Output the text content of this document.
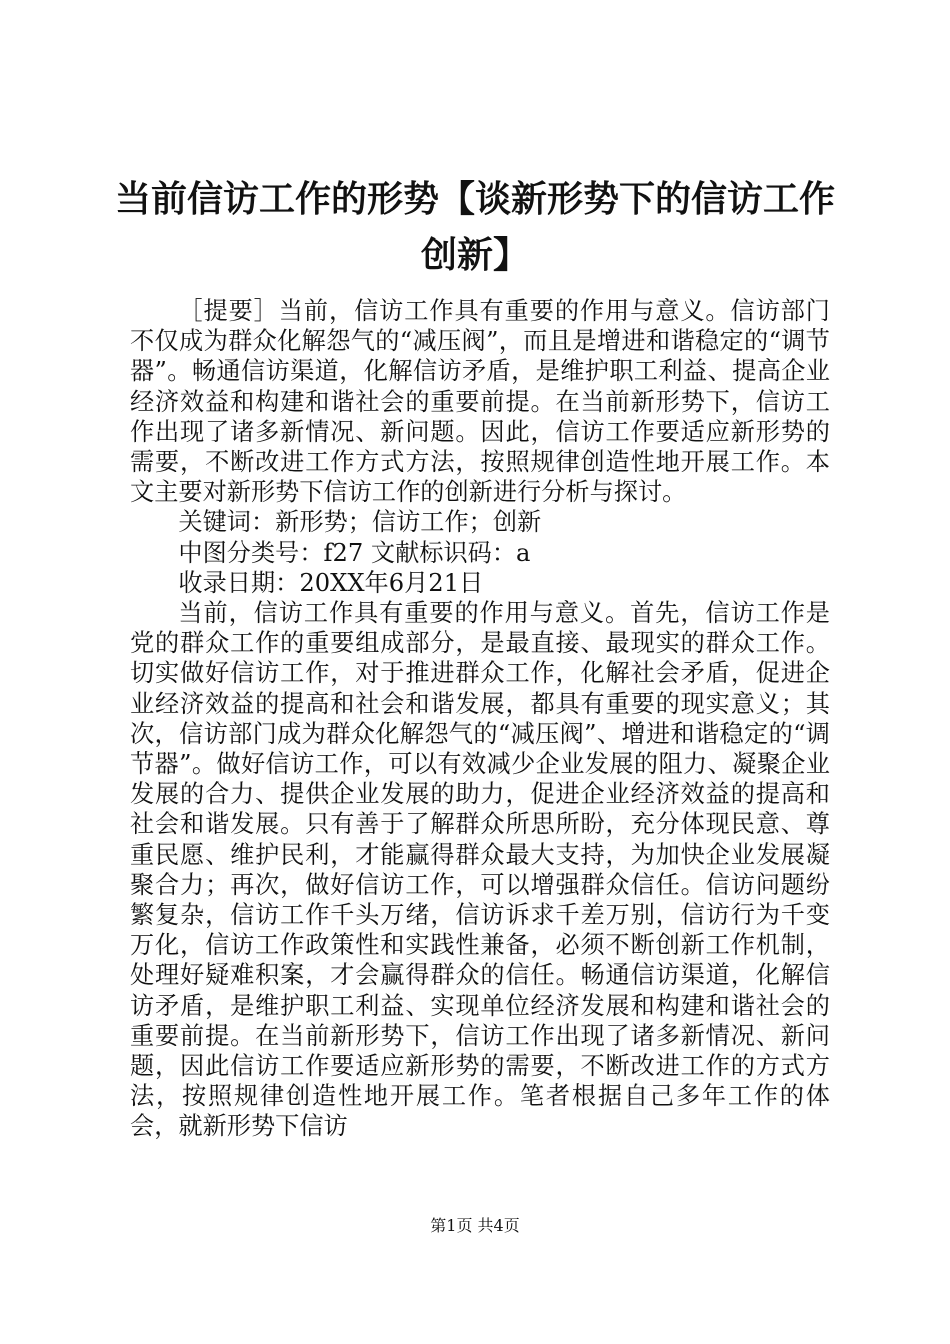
当前信访工作的形势【谈新形势下的信访工作创新】

［提要］当前，信访工作具有重要的作用与意义。信访部门不仅成为群众化解怨气的“减压阀”，而且是增进和谐稳定的“调节器”。畅通信访渠道，化解信访矛盾，是维护职工利益、提高企业经济效益和构建和谐社会的重要前提。在当前新形势下，信访工作出现了诸多新情况、新问题。因此，信访工作要适应新形势的需要，不断改进工作方式方法，按照规律创造性地开展工作。本文主要对新形势下信访工作的创新进行分析与探讨。

关键词：新形势；信访工作；创新

中图分类号：f27 文献标识码：a

收录日期：20XX年6月21日

当前，信访工作具有重要的作用与意义。首先，信访工作是党的群众工作的重要组成部分，是最直接、最现实的群众工作。切实做好信访工作，对于推进群众工作，化解社会矛盾，促进企业经济效益的提高和社会和谐发展，都具有重要的现实意义；其次，信访部门成为群众化解怨气的“减压阀”、增进和谐稳定的“调节器”。做好信访工作，可以有效减少企业发展的阻力、凝聚企业发展的合力、提供企业发展的助力，促进企业经济效益的提高和社会和谐发展。只有善于了解群众所思所盼，充分体现民意、尊重民愿、维护民利，才能赢得群众最大支持，为加快企业发展凝聚合力；再次，做好信访工作，可以增强群众信任。信访问题纷繁复杂，信访工作千头万绪，信访诉求千差万别，信访行为千变万化，信访工作政策性和实践性兼备，必须不断创新工作机制，处理好疑难积案，才会赢得群众的信任。畅通信访渠道，化解信访矛盾，是维护职工利益、实现单位经济发展和构建和谐社会的重要前提。在当前新形势下，信访工作出现了诸多新情况、新问题，因此信访工作要适应新形势的需要，不断改进工作的方式方法，按照规律创造性地开展工作。笔者根据自己多年工作的体会，就新形势下信访

第1页 共4页
